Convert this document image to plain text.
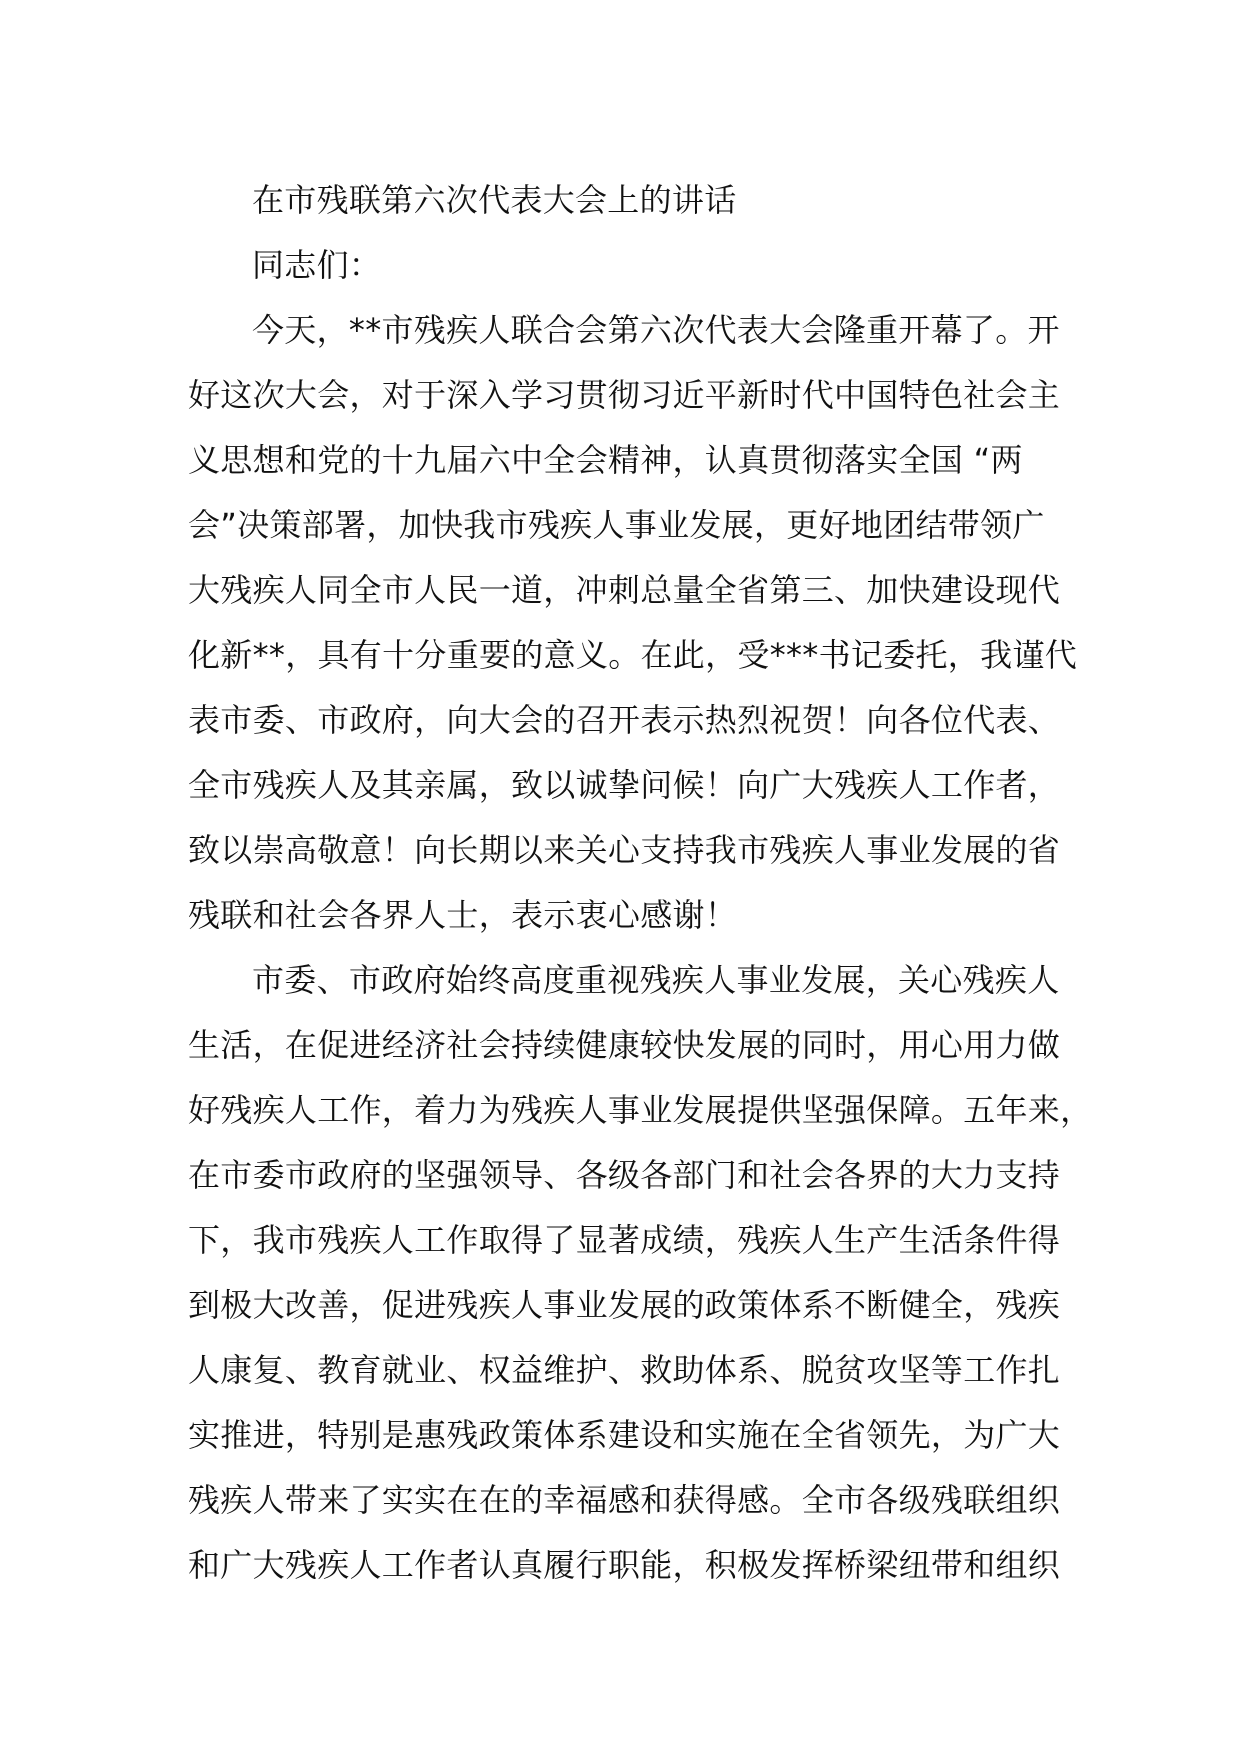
在市残联第六次代表大会上的讲话
同志们：
今天，**市残疾人联合会第六次代表大会隆重开幕了。开
好这次大会，对于深入学习贯彻习近平新时代中国特色社会主
义思想和党的十九届六中全会精神，认真贯彻落实全国 “两
会”决策部署，加快我市残疾人事业发展，更好地团结带领广
大残疾人同全市人民一道，冲刺总量全省第三、加快建设现代
化新**，具有十分重要的意义。在此，受***书记委托，我谨代
表市委、市政府，向大会的召开表示热烈祝贺！向各位代表、
全市残疾人及其亲属，致以诚挚问候！向广大残疾人工作者，
致以崇高敬意！向长期以来关心支持我市残疾人事业发展的省
残联和社会各界人士，表示衷心感谢！
市委、市政府始终高度重视残疾人事业发展，关心残疾人
生活，在促进经济社会持续健康较快发展的同时，用心用力做
好残疾人工作，着力为残疾人事业发展提供坚强保障。五年来，
在市委市政府的坚强领导、各级各部门和社会各界的大力支持
下，我市残疾人工作取得了显著成绩，残疾人生产生活条件得
到极大改善，促进残疾人事业发展的政策体系不断健全，残疾
人康复、教育就业、权益维护、救助体系、脱贫攻坚等工作扎
实推进，特别是惠残政策体系建设和实施在全省领先，为广大
残疾人带来了实实在在的幸福感和获得感。全市各级残联组织
和广大残疾人工作者认真履行职能，积极发挥桥梁纽带和组织
